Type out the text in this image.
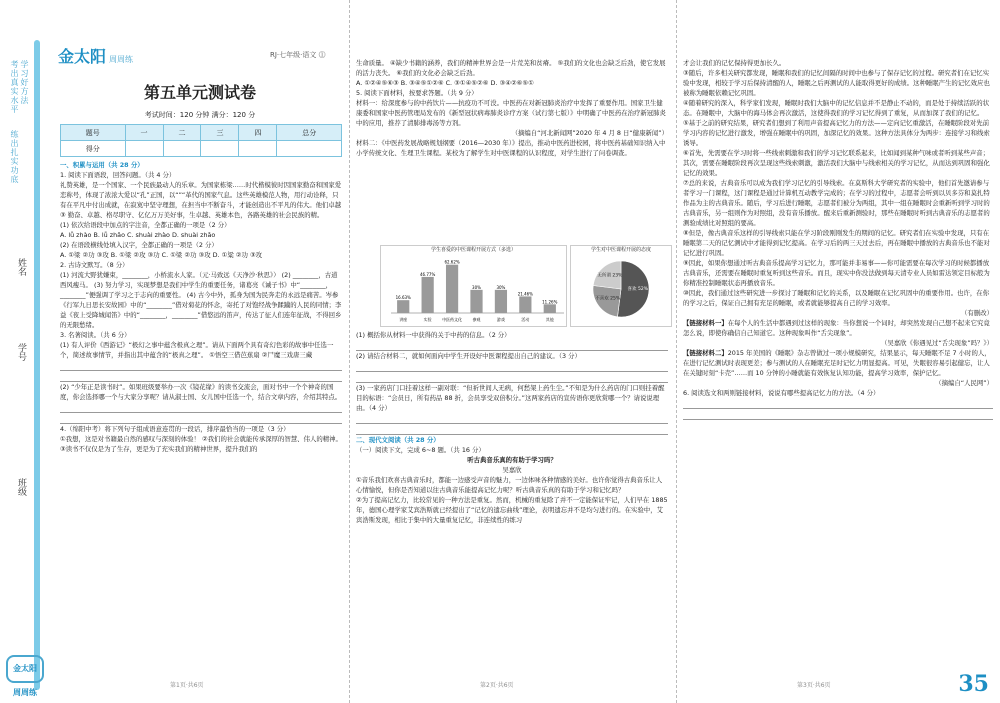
考出真实水平
学习好方法
练出扎实功底
姓名
学号
班级
金太阳 周周练
金太阳 周周练	RJ·七年级·语文 ⓵
第五单元测试卷
考试时间：120 分钟 满分：120 分
题号	一	二	三	四	总分
得分					

一、积累与运用（共 28 分）

1. 阅读下面语段，回答问题。（共 4 分）

礼赞英雄，是一个国家、一个民族最动人的乐章。为国家栋梁……时代楷模彼时因国家勤奋和国家爱恋称号，体现了浓浓大爱以“孔”正国，以“”“革代的国家气息。这些英雄模范人物，用行动诠释，只有在平凡中付出成就，在寂寞中坚守理想，在担当中不断奋斗，才能创造出不平凡的伟大。他们卓越 ③ 勤奋、卓越、格尽职守、亿亿万万美好事，生卓越、英雄本色，各路英雄的社会民族的精。

(1) 依次给语段中加点的字注音，全都正确的一项是（2 分）

A. lǚ zhào B. lǚ zhǎo C. shuài zhào D. shuài zhǎo

(2) 在语段横线处填入汉字，全都正确的一项是（2 分）

A. ①梁 ②功 ③攻 B. ①梁 ②攻 ③功 C. ①梁 ②功 ③攻 D. ①粱 ②功 ③攻

2. 古诗文默写。（8 分）

(1) 河流大野犹嫌束，________，小桥流水人家。（元·马致远《天净沙·秋思》） (2) ________，古道西风瘦马。 (3) 努力学习，实现梦想是我们中学生的重要任务，诸葛亮《诫子书》中“________，________”便强调了学习之于志向的重要性。 (4) 古今中外，孤身为国为民奔走的永远是痛苦。岑参《行军九日思长安故园》中的“________”借对菊花的怀念，寄托了对饱经战争蹂躏的人民的同情；李益《夜上受降城闻笛》中的“________，________”借悠远的笛声，传达了征人们连年征战，不得回乡的无限愁绪。

3. 名著阅读。（共 6 分）

(1) 有人评价《西游记》“极幻之事中蕴含极真之理”。请从下面两个具有奇幻色彩的故事中任选一个，简述故事情节，并指出其中蕴含的“极真之理”。 ①悟空三借芭蕉扇 ②尸魔三戏唐三藏

(2) “少年正是读书时”。如果班级要举办一次《镜花缘》的读书交流会，面对书中一个个神奇的国度，你会选择哪一个与大家分享呢？请从淑士国、女儿国中任选一个，结合文章内容，介绍其特点。

4.（绵阳中考）将下列句子组成语意连贯的一段话，排序最恰当的一项是（3 分）

①我想，这是对书籍最自然的感叹与深刻的体验！ ②我们的社会就能传承深厚的智慧、伟人的精神。 ③读书不仅仅是为了生存，更是为了充实我们的精神世界，提升我们的

第1页·共6页

生命质量。 ④缺少书籍的涵养，我们的精神世界会是一片荒芜和贫瘠。 ⑤我们的文化也会缺乏后劲，使它发展的活力丧失。 ⑥我们的文化必会缺乏后劲。

A. ①②④⑤⑥③ B. ③④⑤①②⑥ C. ③①④⑤②⑥ D. ③④②⑥⑤①

5. 阅读下面材料，按要求答题。（共 9 分）

材料一：给深度参与的中药饮片——抗疫功不可没。中医药在对新冠肺炎治疗中发挥了重要作用。国家卫生健康委和国家中医药管理局发布的《新型冠状病毒肺炎诊疗方案（试行第七版）》中明确了中医药在治疗新冠肺炎中的应用，推荐了清肺排毒汤等方剂。

（摘编自“河北新闻网”2020 年 4 月 8 日“健康新闻”）

材料二：《中医药发展战略规划纲要（2016—2030 年）》提出，推动中医药进校园，将中医药基础知识纳入中小学传统文化、生理卫生课程。某校为了解学生对中医课程的认识程度，对学生进行了问卷调查。

学生喜爱的中医课程开展方式（多选）
16.63%
讲座
46.77%
实验
62.62%
中医药文化
30%
参观
30%
游戏
21.46%
活动
11.26%
其他
学生对中医课程开展的态度
喜欢 52%
不喜欢 25%
无所谓 23%

(1) 概括你从材料一中获得的关于中药的信息。（2 分）

(2) 请结合材料二，就如何面向中学生开设好中医课程提出自己的建议。（3 分）

(3) 一家药店门口挂着这样一副对联：“但祈世间人无病，何愁架上药生尘。”不知是为什么药店的门口则挂着醒目的标语：“会员日，所有药品 88 折，会员享受双倍积分。”这两家药店的宣传语你更欣赏哪一个？请说说理由。（4 分）

二、现代文阅读（共 28 分）

（一）阅读下文，完成 6~8 题。（共 16 分）

听古典音乐真的有助于学习吗？

吴嘉欣

①音乐我们欢喜古典音乐时，都能一边感受声音的魅力，一边体味各种情感的美好。也许你觉得古典音乐让人心情愉悦，但你是否知道以往古典音乐能提高记忆力呢？听古典音乐真的有助于学习和记忆吗？

②为了提高记忆力，比较常见的一种方法是重复。然而，机械的重复除了并不一定能保证牢记，人们早在 1885 年，德国心理学家艾宾浩斯就已经提出了“记忆的遗忘曲线”理论，表明遗忘并不是均匀进行的。在实验中，艾宾浩斯发现，相比于集中的大量重复记忆，非连续性的练习

第2页·共6页

才会让我们的记忆保持得更加长久。

③随后，许多相关研究都发现，睡眠和我们的记忆间隔的时间中也参与了保存记忆的过程。研究者们在记忆实验中发现，相较于学习后保持清醒的人，睡眠之后再测试的人能取得更好的成绩。这种睡眠产生的记忆效应也被称为睡眠依赖记忆巩固。

④随着研究的深入，科学家们发现，睡眠时我们大脑中的记忆信息并不是静止不动的，而是处于持续活跃的状态。在睡眠中，大脑中的海马体会再次激活，这使得我们的学习记忆得到了重复，从而加深了我们的记忆。

⑤基于之前的研究结果，研究者们想到了利用声音提高记忆力的方法——定向记忆重激活，在睡眠阶段对先前学习内容的记忆进行激发，增强在睡眠中的巩固，加深记忆的效果。这种方法具体分为两步：连接学习和线索诱导。

⑥首先，先需要在学习时将一些线索刺激和我们的学习记忆联系起来，比如闻到某种气味或者听到某些声音；其次，需要在睡眠阶段再次呈现这些线索刺激，激活我们大脑中与线索相关的学习记忆，从而达到巩固和强化记忆的效果。

⑦总的来说，古典音乐可以成为我们学习记忆的引导线索。在莫斯科大学研究者的实验中，他们首先邀请参与者学习一门课程，这门课程是通过计算机互动教学完成的；在学习的过程中，志愿者会听到以贝多芬和莫扎特作品为主的古典音乐。随后，学习后进行睡眠，志愿者们被分为两组，其中一组在睡眠时会重新听到学习时的古典音乐，另一组则作为对照组，没有音乐播放。醒来后重新测验时，那些在睡眠时听到古典音乐的志愿者的测验成绩比对照组的要高。

⑧但是，像古典音乐这样的引导线索只能在学习阶段刚刚发生的期间的记忆。研究者们在实验中发现，只有在睡眠第二天的记忆测试中才能得到记忆提高。在学习后的两三天过去后，再在睡眠中播放的古典音乐也不能对记忆进行巩固。

⑨因此，如果你想通过听古典音乐提高学习记忆力，那可能并非易事——你可能需要在每次学习的时候都播放古典音乐，还需要在睡眠时重复听到这些音乐。而且，现实中你没法做到每天清专业人员如雷达领定目标般为你精准控制睡眠状态再播放音乐。

⑩因此，我们通过这些研究进一步探讨了睡眠和记忆的关系，以及睡眠在记忆巩固中的重要作用。也许，在你的学习之后，保证自己拥有充足的睡眠，或者就能够提高自己的学习效率。

（有删改）

【链接材料一】在每个人的生活中都遇到过这样的现象：当你想说一个词时，却突然发现自己想不起来它究竟怎么说，即使你确信自己知道它。这种现象叫作“舌尖现象”。

（吴嘉欣《你遇见过“舌尖现象”吗？》）

【链接材料二】2015 年美国的《睡眠》杂志曾做过一项小规模研究，结果显示，每天睡眠不足 7 小时的人，在进行记忆测试时表现更差；参与测试的人在睡眠充足时记忆力明显提高。可见，失眠很容易引起健忘，让人在关键时刻“卡壳”……而 10 分钟的小睡就能有效恢复认知功能，提高学习效率，保护记忆。

（摘编自“人民网”）

6. 阅读选文和两则链接材料，说说有哪些提高记忆力的方法。（4 分）

第3页·共6页	35
